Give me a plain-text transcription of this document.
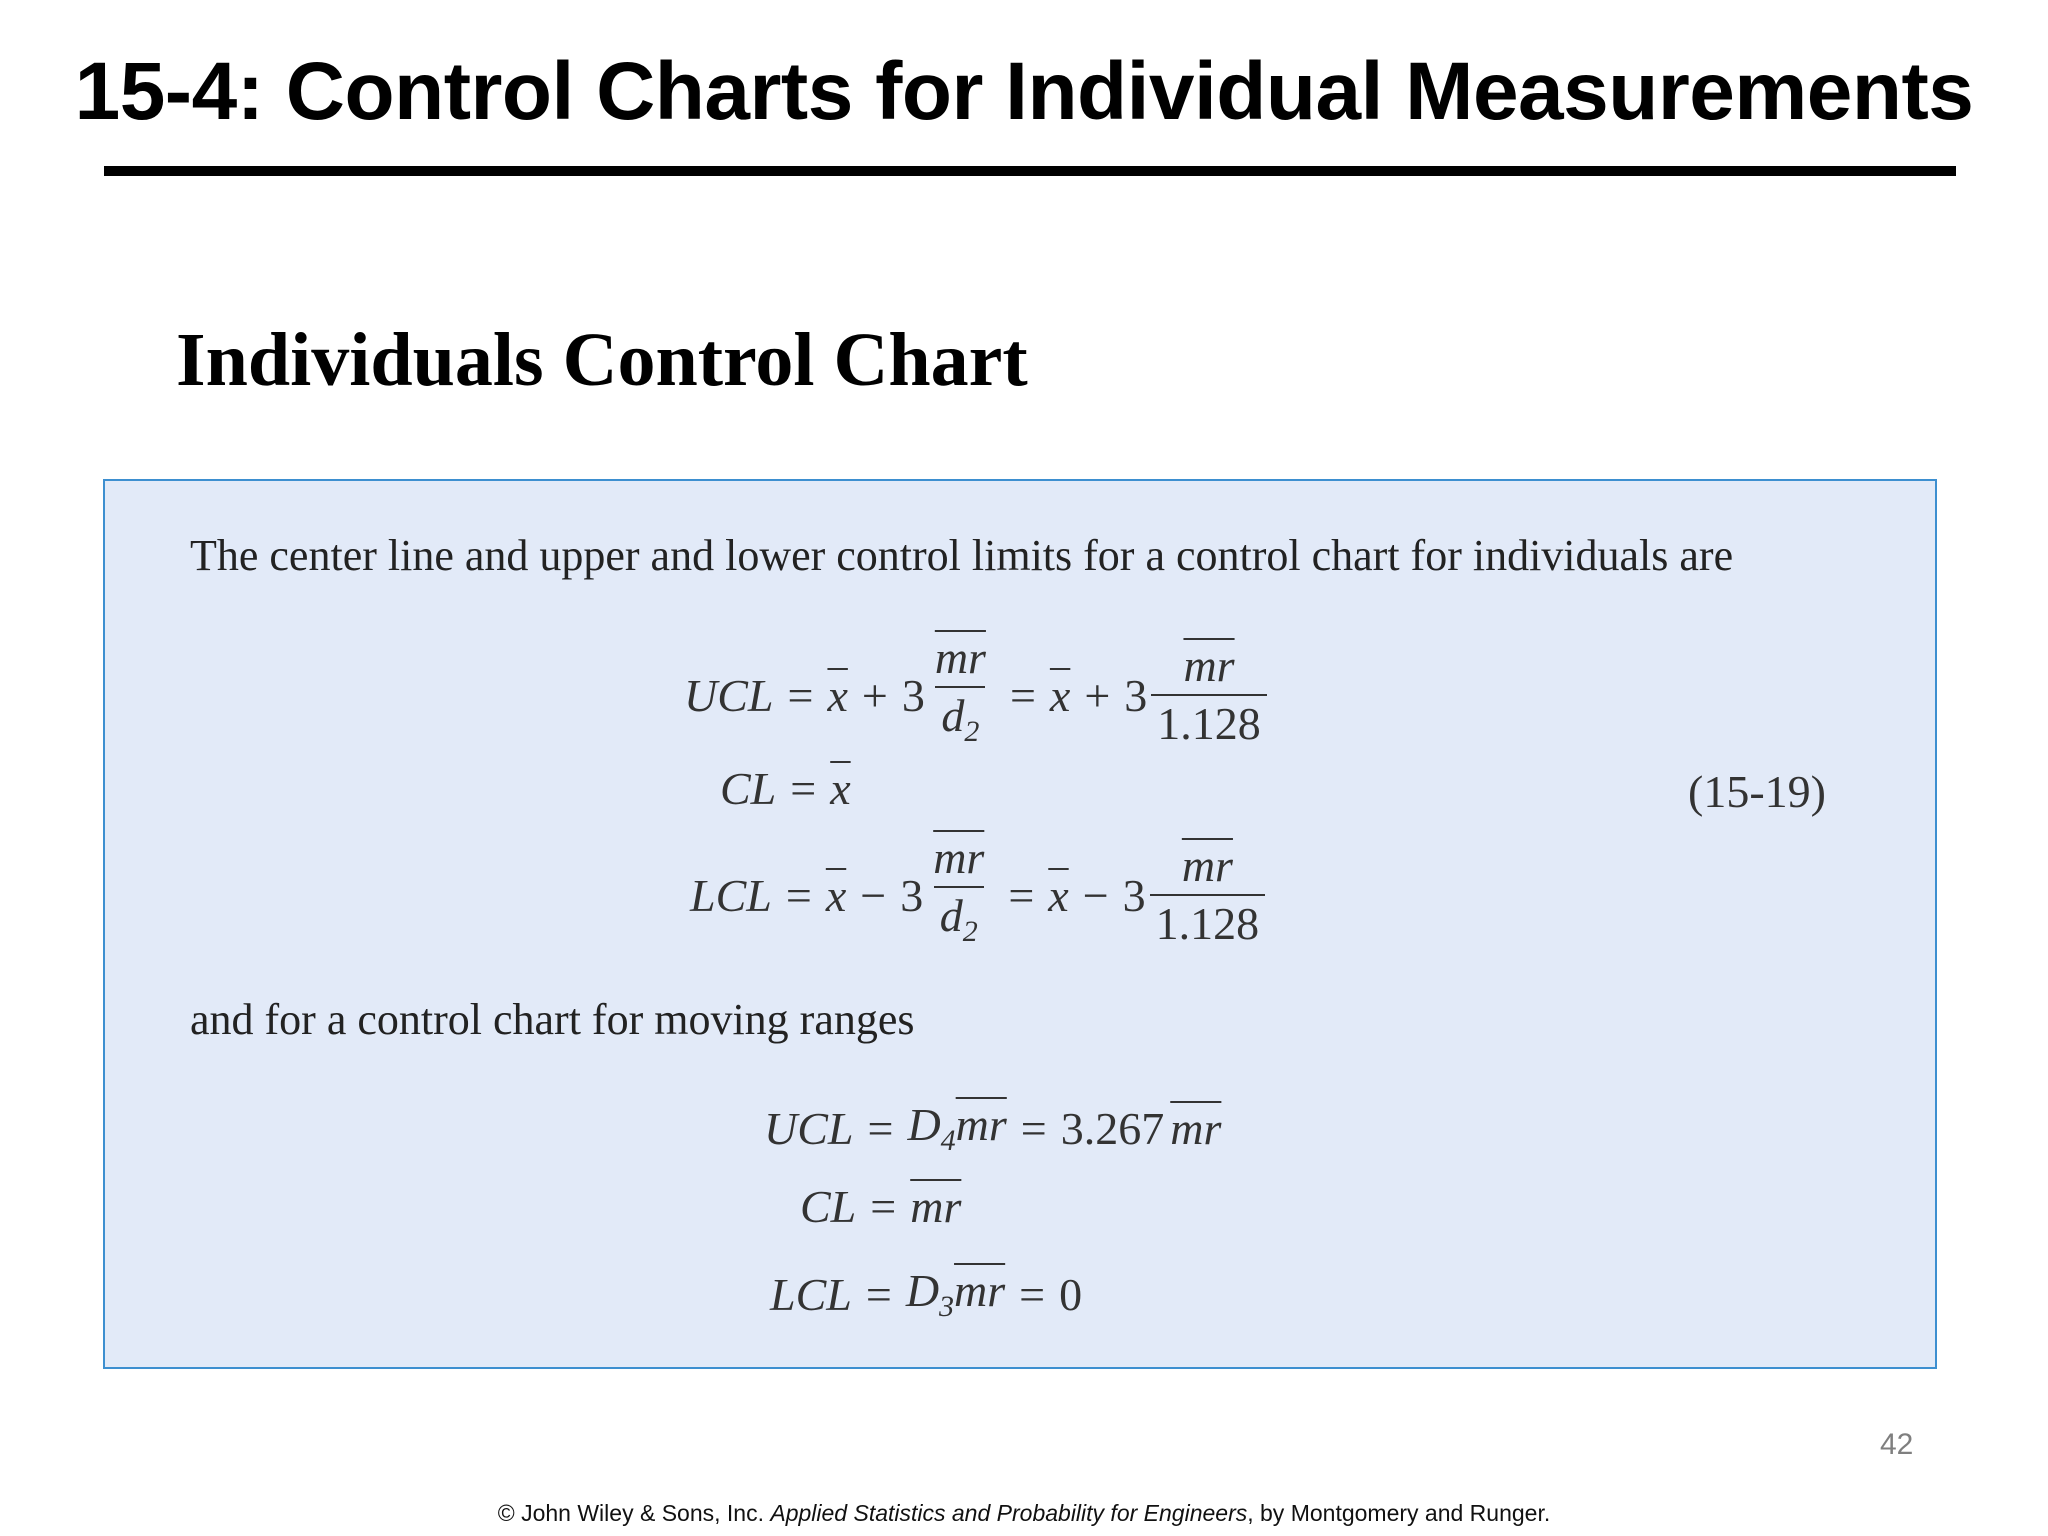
15-4: Control Charts for Individual Measurements
Individuals Control Chart
The center line and upper and lower control limits for a control chart for individuals are
UCL = $\overline{x} + 3 \frac{\overline{mr}}{d_2} = \overline{x} + 3 \frac{\overline{mr}}{1.128}$
CL = $\overline{x}$	(15-19)
LCL = $\overline{x} - 3 \frac{\overline{mr}}{d_2} = \overline{x} - 3 \frac{\overline{mr}}{1.128}$
and for a control chart for moving ranges
UCL = $D_4\overline{mr} = 3.267$ $\overline{mr}$
CL = $\overline{mr}$
LCL = $D_3\overline{mr} = 0$
42
© John Wiley & Sons, Inc. Applied Statistics and Probability for Engineers, by Montgomery and Runger.
